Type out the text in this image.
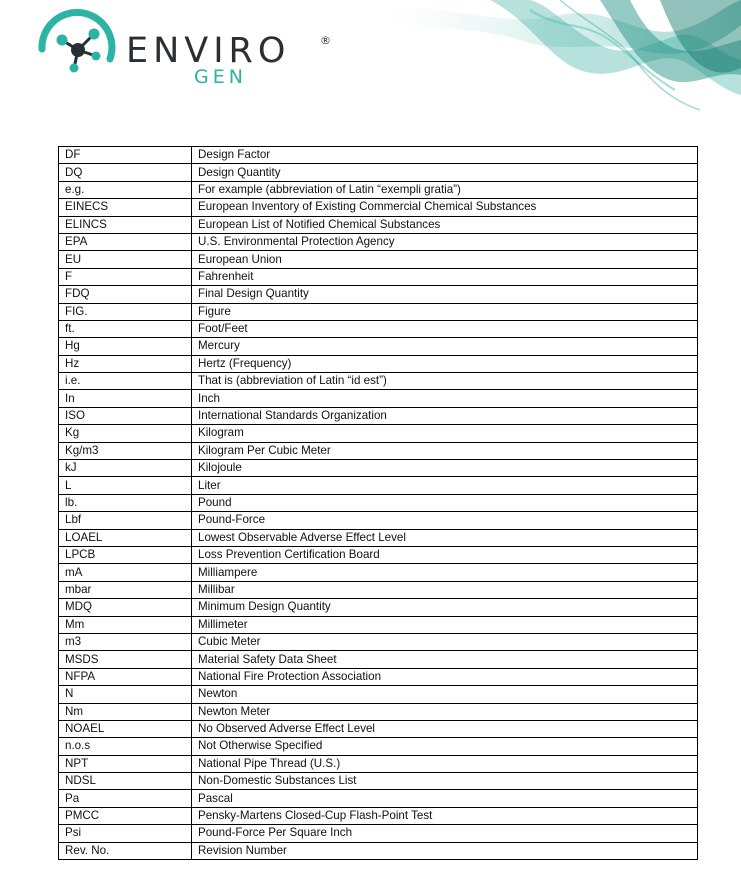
ENVIRO	®
GEN
DF	Design Factor
DQ	Design Quantity
e.g.	For example (abbreviation of Latin “exempli gratia”)
EINECS	European Inventory of Existing Commercial Chemical Substances
ELINCS	European List of Notified Chemical Substances
EPA	U.S. Environmental Protection Agency
EU	European Union
F	Fahrenheit
FDQ	Final Design Quantity
FIG.	Figure
ft.	Foot/Feet
Hg	Mercury
Hz	Hertz (Frequency)
i.e.	That is (abbreviation of Latin “id est”)
In	Inch
ISO	International Standards Organization
Kg	Kilogram
Kg/m3	Kilogram Per Cubic Meter
kJ	Kilojoule
L	Liter
lb.	Pound
Lbf	Pound-Force
LOAEL	Lowest Observable Adverse Effect Level
LPCB	Loss Prevention Certification Board
mA	Milliampere
mbar	Millibar
MDQ	Minimum Design Quantity
Mm	Millimeter
m3	Cubic Meter
MSDS	Material Safety Data Sheet
NFPA	National Fire Protection Association
N	Newton
Nm	Newton Meter
NOAEL	No Observed Adverse Effect Level
n.o.s	Not Otherwise Specified
NPT	National Pipe Thread (U.S.)
NDSL	Non-Domestic Substances List
Pa	Pascal
PMCC	Pensky-Martens Closed-Cup Flash-Point Test
Psi	Pound-Force Per Square Inch
Rev. No.	Revision Number
